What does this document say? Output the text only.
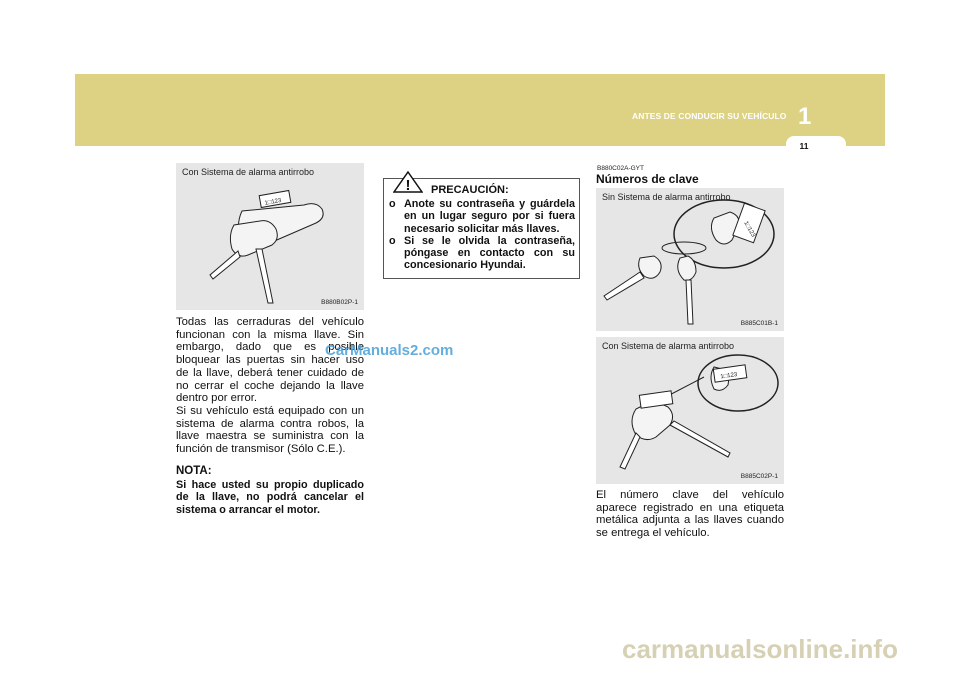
ANTES DE CONDUCIR SU VEHÍCULO 1
11
Con Sistema de alarma antirrobo
1□123
B880B02P-1

Todas las cerraduras del vehículo funcionan con la misma llave. Sin embargo, dado que es posible bloquear las puertas sin hacer uso de la llave, deberá tener cuidado de no cerrar el coche dejando la llave dentro por error.

Si su vehículo está equipado con un sistema de alarma contra robos, la llave maestra se suministra con la función de transmisor (Sólo C.E.).

NOTA:
Si hace usted su propio duplicado de la llave, no podrá cancelar el sistema o arrancar el motor.
CarManuals2.com
! PRECAUCIÓN:
o Anote su contraseña y guárdela en un lugar seguro por si fuera necesario solicitar más llaves.
o Si se le olvida la contraseña, póngase en contacto con su concesionario Hyundai.
B880C02A-GYT
Números de clave
Sin Sistema de alarma antirrobo
1□123
B885C01B-1
Con Sistema de alarma antirrobo
1□123
B885C02P-1

El número clave del vehículo aparece registrado en una etiqueta metálica adjunta a las llaves cuando se entrega el vehículo.

carmanualsonline.info
